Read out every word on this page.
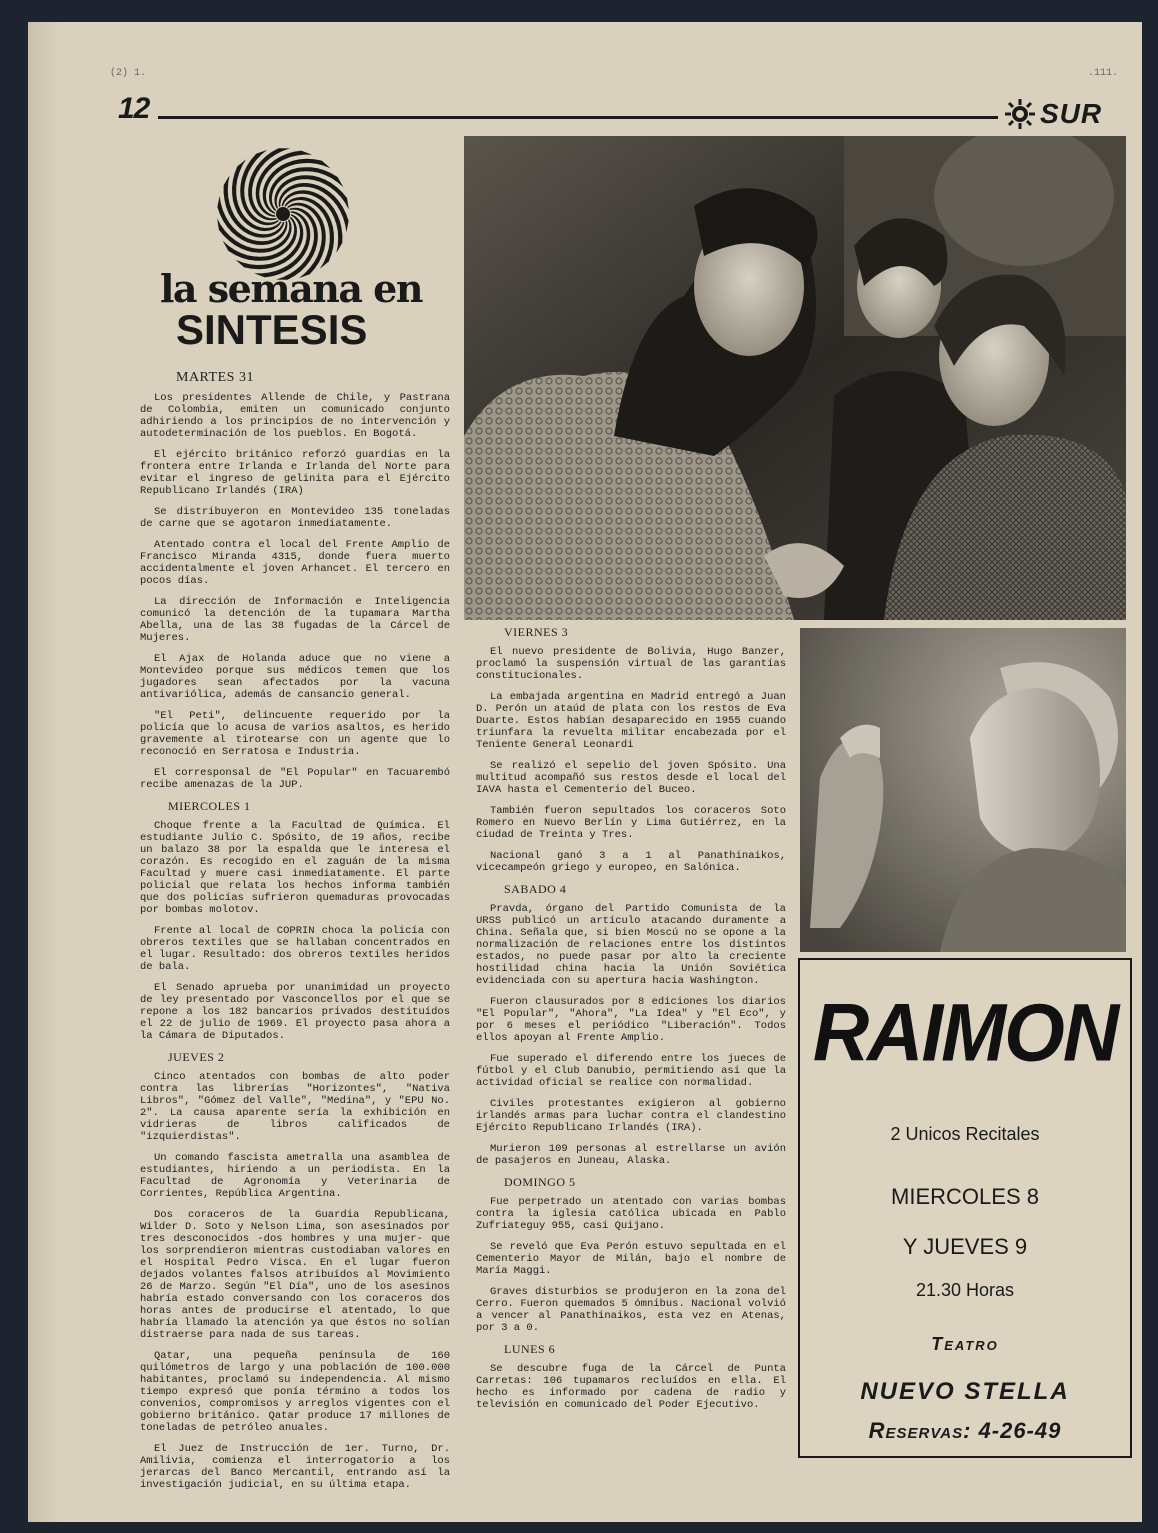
(2) 1.	.111.
12	SUR
la semana en
SINTESIS
MARTES 31

Los presidentes Allende de Chile, y Pastrana de Colombia, emiten un comunicado conjunto adhiriendo a los principios de no intervención y autodeterminación de los pueblos. En Bogotá.

El ejército británico reforzó guardias en la frontera entre Irlanda e Irlanda del Norte para evitar el ingreso de gelinita para el Ejército Republicano Irlandés (IRA)

Se distribuyeron en Montevideo 135 toneladas de carne que se agotaron inmediatamente.

Atentado contra el local del Frente Amplio de Francisco Miranda 4315, donde fuera muerto accidentalmente el joven Arhancet. El tercero en pocos días.

La dirección de Información e Inteligencia comunicó la detención de la tupamara Martha Abella, una de las 38 fugadas de la Cárcel de Mujeres.

El Ajax de Holanda aduce que no viene a Montevideo porque sus médicos temen que los jugadores sean afectados por la vacuna antivariólica, además de cansancio general.

"El Peti", delincuente requerido por la policía que lo acusa de varios asaltos, es herido gravemente al tirotearse con un agente que lo reconoció en Serratosa e Industria.

El corresponsal de "El Popular" en Tacuarembó recibe amenazas de la JUP.

MIERCOLES 1

Choque frente a la Facultad de Química. El estudiante Julio C. Spósito, de 19 años, recibe un balazo 38 por la espalda que le interesa el corazón. Es recogido en el zaguán de la misma Facultad y muere casi inmediatamente. El parte policial que relata los hechos informa también que dos policías sufrieron quemaduras provocadas por bombas molotov.

Frente al local de COPRIN choca la policía con obreros textiles que se hallaban concentrados en el lugar. Resultado: dos obreros textiles heridos de bala.

El Senado aprueba por unanimidad un proyecto de ley presentado por Vasconcellos por el que se repone a los 182 bancarios privados destituídos el 22 de julio de 1969. El proyecto pasa ahora a la Cámara de Diputados.

JUEVES 2

Cinco atentados con bombas de alto poder contra las librerías "Horizontes", "Nativa Libros", "Gómez del Valle", "Medina", y "EPU No. 2". La causa aparente sería la exhibición en vidrieras de libros calificados de "izquierdistas".

Un comando fascista ametralla una asamblea de estudiantes, hiriendo a un periodista. En la Facultad de Agronomía y Veterinaria de Corrientes, República Argentina.

Dos coraceros de la Guardia Republicana, Wilder D. Soto y Nelson Lima, son asesinados por tres desconocidos -dos hombres y una mujer- que los sorprendieron mientras custodiaban valores en el Hospital Pedro Visca. En el lugar fueron dejados volantes falsos atribuídos al Movimiento 26 de Marzo. Según "El Día", uno de los asesinos habría estado conversando con los coraceros dos horas antes de producirse el atentado, lo que habría llamado la atención ya que éstos no solían distraerse para nada de sus tareas.

Qatar, una pequeña península de 160 quilómetros de largo y una población de 100.000 habitantes, proclamó su independencia. Al mismo tiempo expresó que ponía término a todos los convenios, compromisos y arreglos vigentes con el gobierno británico. Qatar produce 17 millones de toneladas de petróleo anuales.

El Juez de Instrucción de 1er. Turno, Dr. Amilivia, comienza el interrogatorio a los jerarcas del Banco Mercantil, entrando así la investigación judicial, en su última etapa.

VIERNES 3

El nuevo presidente de Bolivia, Hugo Banzer, proclamó la suspensión virtual de las garantías constitucionales.

La embajada argentina en Madrid entregó a Juan D. Perón un ataúd de plata con los restos de Eva Duarte. Estos habían desaparecido en 1955 cuando triunfara la revuelta militar encabezada por el Teniente General Leonardi

Se realizó el sepelio del joven Spósito. Una multitud acompañó sus restos desde el local del IAVA hasta el Cementerio del Buceo.

También fueron sepultados los coraceros Soto Romero en Nuevo Berlín y Lima Gutiérrez, en la ciudad de Treinta y Tres.

Nacional ganó 3 a 1 al Panathinaikos, vicecampeón griego y europeo, en Salónica.

SABADO 4

Pravda, órgano del Partido Comunista de la URSS publicó un artículo atacando duramente a China. Señala que, si bien Moscú no se opone a la normalización de relaciones entre los distintos estados, no puede pasar por alto la creciente hostilidad china hacia la Unión Soviética evidenciada con su apertura hacia Washington.

Fueron clausurados por 8 ediciones los diarios "El Popular", "Ahora", "La Idea" y "El Eco", y por 6 meses el periódico "Liberación". Todos ellos apoyan al Frente Amplio.

Fue superado el diferendo entre los jueces de fútbol y el Club Danubio, permitiendo así que la actividad oficial se realice con normalidad.

Civiles protestantes exigieron al gobierno irlandés armas para luchar contra el clandestino Ejército Republicano Irlandés (IRA).

Murieron 109 personas al estrellarse un avión de pasajeros en Juneau, Alaska.

DOMINGO 5

Fue perpetrado un atentado con varias bombas contra la iglesia católica ubicada en Pablo Zufriateguy 955, casi Quijano.

Se reveló que Eva Perón estuvo sepultada en el Cementerio Mayor de Milán, bajo el nombre de María Maggi.

Graves disturbios se produjeron en la zona del Cerro. Fueron quemados 5 ómnibus. Nacional volvió a vencer al Panathinaikos, esta vez en Atenas, por 3 a 0.

LUNES 6

Se descubre fuga de la Cárcel de Punta Carretas: 106 tupamaros recluídos en ella. El hecho es informado por cadena de radio y televisión en comunicado del Poder Ejecutivo.

RAIMON
2 Unicos Recitales
MIERCOLES 8
Y JUEVES 9
21.30 Horas
Teatro
NUEVO STELLA
Reservas: 4-26-49
